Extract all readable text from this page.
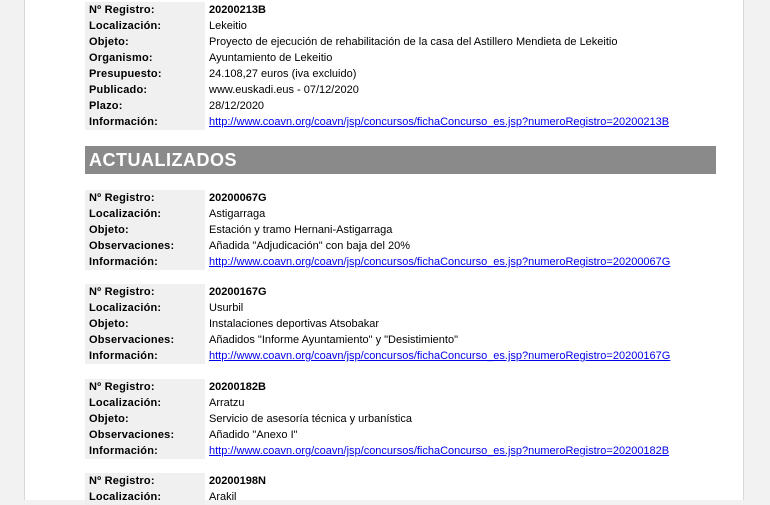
Nº Registro:	20200213B
Localización:	Lekeitio
Objeto:	Proyecto de ejecución de rehabilitación de la casa del Astillero Mendieta de Lekeitio
Organismo:	Ayuntamiento de Lekeitio
Presupuesto:	24.108,27 euros (iva excluido)
Publicado:	www.euskadi.eus - 07/12/2020
Plazo:	28/12/2020
Información:	http://www.coavn.org/coavn/jsp/concursos/fichaConcurso_es.jsp?numeroRegistro=20200213B
ACTUALIZADOS
Nº Registro:	20200067G
Localización:	Astigarraga
Objeto:	Estación y tramo Hernani-Astigarraga
Observaciones:	Añadida "Adjudicación" con baja del 20%
Información:	http://www.coavn.org/coavn/jsp/concursos/fichaConcurso_es.jsp?numeroRegistro=20200067G
Nº Registro:	20200167G
Localización:	Usurbil
Objeto:	Instalaciones deportivas Atsobakar
Observaciones:	Añadidos "Informe Ayuntamiento" y "Desistimiento"
Información:	http://www.coavn.org/coavn/jsp/concursos/fichaConcurso_es.jsp?numeroRegistro=20200167G
Nº Registro:	20200182B
Localización:	Arratzu
Objeto:	Servicio de asesoría técnica y urbanística
Observaciones:	Añadido "Anexo I"
Información:	http://www.coavn.org/coavn/jsp/concursos/fichaConcurso_es.jsp?numeroRegistro=20200182B
Nº Registro:	20200198N
Localización:	Arakil
